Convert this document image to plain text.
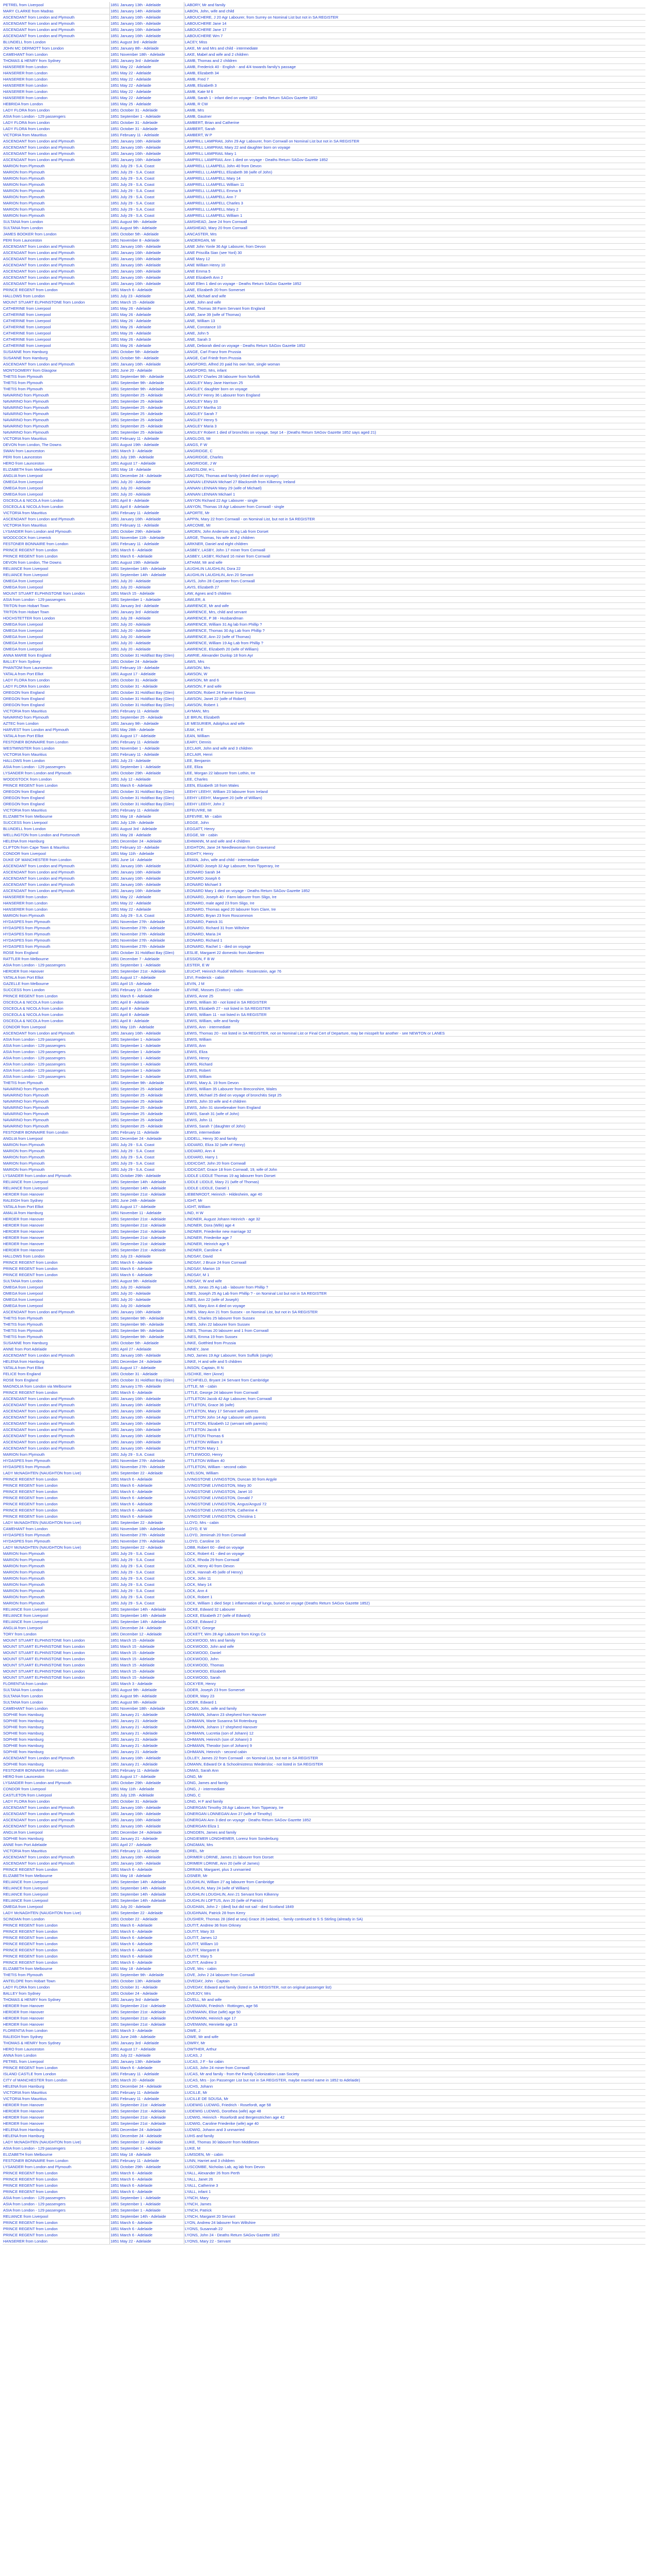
PETREL from Liverpool	1851 January 13th - Adelaide	LABORY, Mr and family
MARY CLARKE from Madras	1851 January 14th - Adelaide	LABON, John, wife and child
ASCENDANT from London and Plymouth	1851 January 16th - Adelaide	LABOUCHERE, J 20 Agr Labourer, from Surrey on Nominal List but not in SA REGISTER
ASCENDANT from London and Plymouth	1851 January 16th - Adelaide	LABOUCHERE Jane 14
ASCENDANT from London and Plymouth	1851 January 16th - Adelaide	LABOUCHERE Jane 17
ASCENDANT from London and Plymouth	1851 January 16th - Adelaide	LABOUCHERE Wm 7
BLUNDELL from London	1851 August 3rd - Adelaide	LACEY, Miss
JOHN MC DERMOTT from London	1851 January 8th - Adelaide	LAKE, Mr and Mrs and child - intermediate
CAMEHANT from London	1851 November 18th - Adelaide	LAKE, Mabel and wife and 2 children
THOMAS & HENRY from Sydney	1851 January 3rd - Adelaide	LAMB, Thomas and 2 children
HANSERER from London	1851 May 22 - Adelaide	LAMB, Frederick 40 - English - and 4/4 towards family's passage
HANSERER from London	1851 May 22 - Adelaide	LAMB, Elizabeth 34
HANSERER from London	1851 May 22 - Adelaide	LAMB, Fred 7
HANSERER from London	1851 May 22 - Adelaide	LAMB, Elizabeth 3
HANSERER from London	1851 May 22 - Adelaide	LAMB, Kate M 6
HANSERER from London	1851 May 22 - Adelaide	LAMB, Sarah 1 - infant died on voyage - Deaths Return SAGov Gazette 1852
HEBRIDA from London	1851 May 25 - Adelaide	LAMB, R CW
LADY FLORA from London	1851 October 31 - Adelaide	LAMB, Mrs
ASIA from London - 129 passengers	1851 September 1 - Adelaide	LAMB, Gautner
LADY FLORA from London	1851 October 31 - Adelaide	LAMBERT, Brian and Catherine
LADY FLORA from London	1851 October 31 - Adelaide	LAMBERT, Sarah
VICTORIA from Mauritius	1851 February 11 - Adelaide	LAMBERT, W P
ASCENDANT from London and Plymouth	1851 January 16th - Adelaide	LAMPRILL LAMPRAIL John 29 Agr Labourer, from Cornwall on Nominal List but not in SA REGISTER
ASCENDANT from London and Plymouth	1851 January 16th - Adelaide	LAMPRILL LAMPRAIL Mary 22 and daughter born on voyage
ASCENDANT from London and Plymouth	1851 January 16th - Adelaide	LAMPRILL LAMPRAIL Mary 1
ASCENDANT from London and Plymouth	1851 January 16th - Adelaide	LAMPRILL LAMPRAIL Ann 1 died on voyage - Deaths Return SAGov Gazette 1852
MARION from Plymouth	1851 July 29 - S.A. Coast	LAMPRELL LLAMPELL John 40 from Devon
MARION from Plymouth	1851 July 29 - S.A. Coast	LAMPRELL LLAMPELL Elizabeth 38 (wife of John)
MARION from Plymouth	1851 July 29 - S.A. Coast	LAMPRELL LLAMPELL Mary 14
MARION from Plymouth	1851 July 29 - S.A. Coast	LAMPRELL LLAMPELL William 11
MARION from Plymouth	1851 July 29 - S.A. Coast	LAMPRELL LLAMPELL Emma 9
MARION from Plymouth	1851 July 29 - S.A. Coast	LAMPRELL LLAMPELL Ann 7
MARION from Plymouth	1851 July 29 - S.A. Coast	LAMPRELL LLAMPELL Charles 3
MARION from Plymouth	1851 July 29 - S.A. Coast	LAMPRELL LLAMPELL Mary 2
MARION from Plymouth	1851 July 29 - S.A. Coast	LAMPRELL LLAMPELL William 1
SULTANA from London	1851 August 9th - Adelaide	LAMSHEAD, Jane 24 from Cornwall
SULTANA from London	1851 August 9th - Adelaide	LAMSHEAD, Mary 20 from Cornwall
JAMES BOOKER from London	1851 October 5th - Adelaide	LANCASTER, Mrs
PERI from Launceston	1851 November 8 - Adelaide	LANDERGAN, Mr
ASCENDANT from London and Plymouth	1851 January 16th - Adelaide	LANE John Yonle 36 Agr Labourer, from Devon
ASCENDANT from London and Plymouth	1851 January 16th - Adelaide	LANE Priscilla Sian (see Yonl) 30
ASCENDANT from London and Plymouth	1851 January 16th - Adelaide	LANE Mary 12
ASCENDANT from London and Plymouth	1851 January 16th - Adelaide	LANE William Henry 10
ASCENDANT from London and Plymouth	1851 January 16th - Adelaide	LANE Emma 5
ASCENDANT from London and Plymouth	1851 January 16th - Adelaide	LANE Elizabeth Ann 2
ASCENDANT from London and Plymouth	1851 January 16th - Adelaide	LANE Ellen 1 died on voyage - Deaths Return SAGov Gazette 1852
PRINCE REGENT from London	1851 March 6 - Adelaide	LANE, Elizabeth 20 from Somerset
HALLOWS from London	1851 July 23 - Adelaide	LANE, Michael and wife
MOUNT STUART ELPHINSTONE from London	1851 March 15 - Adelaide	LANE, John and wife
CATHERINE from Liverpool	1851 May 26 - Adelaide	LANE, Thomas 38 Farm Servant from England
CATHERINE from Liverpool	1851 May 26 - Adelaide	LANE, Jane 39 (wife of Thomas)
CATHERINE from Liverpool	1851 May 26 - Adelaide	LANE, William 13
CATHERINE from Liverpool	1851 May 26 - Adelaide	LANE, Constance 10
CATHERINE from Liverpool	1851 May 26 - Adelaide	LANE, John 5
CATHERINE from Liverpool	1851 May 26 - Adelaide	LANE, Sarah 3
CATHERINE from Liverpool	1851 May 26 - Adelaide	LANE, Deborah died on voyage - Deaths Return SAGov Gazette 1852
SUSANNE from Hamburg	1851 October 5th - Adelaide	LANGE, Carl Franz from Prussia
SUSANNE from Hamburg	1851 October 5th - Adelaide	LANGE, Carl Friedr from Prussia
ASCENDANT from London and Plymouth	1851 January 16th - Adelaide	LANGFORD, Alfred 20 paid his own fare, single woman
MONTGOMERY from Glasgow	1851 June 20 - Adelaide	LANGFORD, Mrs, infant
THETIS from Plymouth	1851 September 9th - Adelaide	LANGLEY Charles 28 labourer from Norfolk
THETIS from Plymouth	1851 September 9th - Adelaide	LANGLEY Mary Jane Harrison 25
THETIS from Plymouth	1851 September 9th - Adelaide	LANGLEY, daughter born on voyage
NAVARINO from Plymouth	1851 September 25 - Adelaide	LANGLEY Henry 36 Labourer from England
NAVARINO from Plymouth	1851 September 25 - Adelaide	LANGLEY Mary 33
NAVARINO from Plymouth	1851 September 25 - Adelaide	LANGLEY Martha 10
NAVARINO from Plymouth	1851 September 25 - Adelaide	LANGLEY Sarah 7
NAVARINO from Plymouth	1851 September 25 - Adelaide	LANGLEY Henry 5
NAVARINO from Plymouth	1851 September 25 - Adelaide	LANGLEY Maria 3
NAVARINO from Plymouth	1851 September 25 - Adelaide	LANGLEY Robert 1 died of bronchitis on voyage, Sept 14 - (Deaths Return SAGov Gazette 1852 says aged 21)
VICTORIA from Mauritius	1851 February 11 - Adelaide	LANGLOIS, Mr
DEVON from London, The Downs	1851 August 19th - Adelaide	LANGS, F W
SWAN from Launceston	1851 March 3 - Adelaide	LANGRIDGE, C
PERI from Launceston	1851 July 19th - Adelaide	LANGRIDGE, Charles
HERO from Launceston	1851 August 17 - Adelaide	LANGRIDGE, J W
ELIZABETH from Melbourne	1851 May 18 - Adelaide	LANGSLOW, H L
ANGLIA from Liverpool	1851 December 24 - Adelaide	LANGTON, Thomas and family (inked died on voyage)
OMEGA from Liverpool	1851 July 20 - Adelaide	LANNAN LENNAN Michael 27 Blacksmith from Kilkenny, Ireland
OMEGA from Liverpool	1851 July 20 - Adelaide	LANNAN LENNAN Mary 29 (wife of Michael)
OMEGA from Liverpool	1851 July 20 - Adelaide	LANNAN LENNAN Michael 1
OSCEOLA & NICOLA from London	1851 April 8 - Adelaide	LANYON Richard 22 Agr Labourer - single
OSCEOLA & NICOLA from London	1851 April 8 - Adelaide	LANYON, Thomas 19 Agr Labourer from Cornwall - single
VICTORIA from Mauritius	1851 February 11 - Adelaide	LAPORTE, Mr
ASCENDANT from London and Plymouth	1851 January 16th - Adelaide	LAPPIN, Mary 22 from Cornwall - on Nominal List, but not in SA REGISTER
VICTORIA from Mauritius	1851 February 11 - Adelaide	LARCOME, Mr
LYSANDER from London and Plymouth	1851 October 29th - Adelaide	LARDEN, John Anderson 30 Ag Lab from Dorset
WOODCOCK from Limerick	1851 November 11th - Adelaide	LARGE, Thomas, his wife and 2 children
FESTONER BONNAIRE from London	1851 February 11 - Adelaide	LARKNER, Daniel and eight children
PRINCE REGENT from London	1851 March 6 - Adelaide	LASBEY, LASBY, John 17 miner from Cornwall
PRINCE REGENT from London	1851 March 6 - Adelaide	LASBEY, LASBY, Richard 16 miner from Cornwall
DEVON from London, The Downs	1851 August 19th - Adelaide	LATHAM, Mr and wife
RELIANCE from Liverpool	1851 September 14th - Adelaide	LAUGHLIN LAUGHLIN, Dora 22
RELIANCE from Liverpool	1851 September 14th - Adelaide	LAUGHLIN LAUGHLIN, Ann 20 Servant
OMEGA from Liverpool	1851 July 20 - Adelaide	LAVIS, John 28 Carpenter from Cornwall
OMEGA from Liverpool	1851 July 20 - Adelaide	LAVIS, Elizabeth 27
MOUNT STUART ELPHINSTONE from London	1851 March 15 - Adelaide	LAW, Agnes and 5 children
ASIA from London - 129 passengers	1851 September 1 - Adelaide	LAWLER, A
TRITON from Hobart Town	1851 January 3rd - Adelaide	LAWRENCE, Mr and wife
TRITON from Hobart Town	1851 January 3rd - Adelaide	LAWRENCE, Mrs, child and servant
HOCHSTETTER from London	1851 July 28 - Adelaide	LAWRENCE, P 38 - Husbandman
OMEGA from Liverpool	1851 July 20 - Adelaide	LAWRENCE, William 31 Ag lab from Phillip ?
OMEGA from Liverpool	1851 July 20 - Adelaide	LAWRENCE, Thomas 30 Ag Lab from Phillip ?
OMEGA from Liverpool	1851 July 20 - Adelaide	LAWRENCE, Ann 22 (wife of Thomas)
OMEGA from Liverpool	1851 July 20 - Adelaide	LAWRENCE, William 19 Ag Lab from Phillip ?
OMEGA from Liverpool	1851 July 20 - Adelaide	LAWRENCE, Elizabeth 20 (wife of William)
ANNA MARIE from England	1851 October 31 Holdfast Bay (Glen)	LAWRIE, Alexander Dunlop 18 from Ayr
BALLEY from Sydney	1851 October 24 - Adelaide	LAWS, Mrs
PHANTOM from Launceston	1851 February 19 - Adelaide	LAWSON, Mrs
YATALA from Port Elliot	1851 August 17 - Adelaide	LAWSON, W
LADY FLORA from London	1851 October 31 - Adelaide	LAWSON, Mr and 6
LADY FLORA from London	1851 October 31 - Adelaide	LAWSON, F and wife
OREGON from England	1851 October 31 Holdfast Bay (Glen)	LAWSON, Robert 24 Farmer from Devon
OREGON from England	1851 October 31 Holdfast Bay (Glen)	LAWSON, Janet 22 (wife of Robert)
OREGON from England	1851 October 31 Holdfast Bay (Glen)	LAWSON, Robert 1
VICTORIA from Mauritius	1851 February 11 - Adelaide	LAYMAN, Mrs
NAVARINO from Plymouth	1851 September 25 - Adelaide	LE BRUN, Elizabeth
AZTEC from London	1851 January 9th - Adelaide	LE MESURIER, Adolphus and wife
HARVEST from London and Plymouth	1851 May 28th - Adelaide	LEAK, H E
YATALA from Port Elliot	1851 August 17 - Adelaide	LEAN, William
FESTONER BONNAIRE from London	1851 February 11 - Adelaide	LEARY, Dennis
WESTMINSTER from London	1851 November 1 - Adelaide	LECLAIR, John and wife and 3 children
VICTORIA from Mauritius	1851 February 11 - Adelaide	LECLAIR, Henri
HALLOWS from London	1851 July 23 - Adelaide	LEE, Benjamin
ASIA from London - 129 passengers	1851 September 1 - Adelaide	LEE, Eliza
LYSANDER from London and Plymouth	1851 October 29th - Adelaide	LEE, Morgan 22 labourer from Lothin, Ire
WOODSTOCK from London	1851 July 12 - Adelaide	LEE, Charles
PRINCE REGENT from London	1851 March 6 - Adelaide	LEEN, Elizabeth 18 from Wales
OREGON from England	1851 October 31 Holdfast Bay (Glen)	LEEHY LEEHY, William 23 labourer from Ireland
OREGON from England	1851 October 31 Holdfast Bay (Glen)	LEEHY LEEHY, Margaret 20 (wife of William)
OREGON from England	1851 October 31 Holdfast Bay (Glen)	LEEHY LEEHY, John 2
VICTORIA from Mauritius	1851 February 11 - Adelaide	LEFEUVRE, Mr
ELIZABETH from Melbourne	1851 May 18 - Adelaide	LEFEVRE, Mr - cabin
SUCCESS from Liverpool	1851 July 12th - Adelaide	LEGGE, John
BLUNDELL from London	1851 August 3rd - Adelaide	LEGGATT, Henry
WELLINGTON from London and Portsmouth	1851 May 28 - Adelaide	LEGGE, Mr - cabin
HELENA from Hamburg	1851 December 24 - Adelaide	LEHMANN, M and wife and 4 children
CLIFTON from Cape Town & Mauritius	1851 February 10 - Adelaide	LEIGHTON, Jane 24 Needlewoman from Gravesend
CONDOR from Liverpool	1851 May 11th - Adelaide	LEIGHTY, Henry
DUKE OF MANCHESTER from London	1851 June 14 - Adelaide	LEMAN, John, wife and child - intermediate
ASCENDANT from London and Plymouth	1851 January 16th - Adelaide	LEONARD Joseph 32 Agr Labourer, from Tipperary, Ire
ASCENDANT from London and Plymouth	1851 January 16th - Adelaide	LEONARD Sarah 34
ASCENDANT from London and Plymouth	1851 January 16th - Adelaide	LEONARD Joseph 6
ASCENDANT from London and Plymouth	1851 January 16th - Adelaide	LEONARD Michael 3
ASCENDANT from London and Plymouth	1851 January 16th - Adelaide	LEONARD Mary 1 died on voyage - Deaths Return SAGov Gazette 1852
HANSERER from London	1851 May 22 - Adelaide	LEONARD, Joseph 40 - Farm labourer from Sligo, Ire
HANSERER from London	1851 May 22 - Adelaide	LEONARD, male aged 23 from Sligo, Ire
HANSERER from London	1851 May 22 - Adelaide	LEONARD, Thomas aged 20 labourer from Clare, Ire
MARION from Plymouth	1851 July 29 - S.A. Coast	LEONARD, Bryan 23 from Roscommon
HYDASPES from Plymouth	1851 November 27th - Adelaide	LEONARD, Patrick 31
HYDASPES from Plymouth	1851 November 27th - Adelaide	LEONARD, Richard 31 from Wiltshire
HYDASPES from Plymouth	1851 November 27th - Adelaide	LEONARD, Maria 24
HYDASPES from Plymouth	1851 November 27th - Adelaide	LEONARD, Richard 1
HYDASPES from Plymouth	1851 November 27th - Adelaide	LEONARD, Rachel 1 - died on voyage
ROSE from England	1851 October 31 Holdfast Bay (Glen)	LESLIE, Margaret 22 domestic from Aberdeen
RATTLER from Melbourne	1851 December 7 - Adelaide	LESSION, F B W
ASIA from London - 129 passengers	1851 September 1 - Adelaide	LESTER, E W
HERDER from Hanover	1851 September 21st - Adelaide	LEUCHT, Heinrich Rudolf Wilhelm - Rostenstein, age 76
YATALA from Port Elliot	1851 August 17 - Adelaide	LEVI, Frederick - cabin
GAZELLE from Melbourne	1851 April 15 - Adelaide	LEVIN, J M
SUCCESS from London	1851 February 15 - Adelaide	LEVINE, Mosses (Cratton) - cabin
PRINCE REGENT from London	1851 March 6 - Adelaide	LEWIS, Anne 25
OSCEOLA & NICOLA from London	1851 April 8 - Adelaide	LEWIS, William 30 - not listed in SA REGISTER
OSCEOLA & NICOLA from London	1851 April 8 - Adelaide	LEWIS, Elizabeth 27 - not listed in SA REGISTER
OSCEOLA & NICOLA from London	1851 April 8 - Adelaide	LEWIS, William 11 - not listed in SA REGISTER
OSCEOLA & NICOLA from London	1851 April 8 - Adelaide	LEWIS, William, wife and family
CONDOR from Liverpool	1851 May 11th - Adelaide	LEWIS, Ann - intermediate
ASCENDANT from London and Plymouth	1851 January 16th - Adelaide	LEWIS, Thomas 20 - not listed in SA REGISTER, not on Nominal List or Final Cert of Departure, may be misspelt for another - see NEWTON or LANES
ASIA from London - 129 passengers	1851 September 1 - Adelaide	LEWIS, William
ASIA from London - 129 passengers	1851 September 1 - Adelaide	LEWIS, Ann
ASIA from London - 129 passengers	1851 September 1 - Adelaide	LEWIS, Eliza
ASIA from London - 129 passengers	1851 September 1 - Adelaide	LEWIS, Henry
ASIA from London - 129 passengers	1851 September 1 - Adelaide	LEWIS, Richard
ASIA from London - 129 passengers	1851 September 1 - Adelaide	LEWIS, Robert
ASIA from London - 129 passengers	1851 September 1 - Adelaide	LEWIS, William
THETIS from Plymouth	1851 September 9th - Adelaide	LEWIS, Mary A. 19 from Devon
NAVARINO from Plymouth	1851 September 25 - Adelaide	LEWIS, William 35 Labourer from Breconshire, Wales
NAVARINO from Plymouth	1851 September 25 - Adelaide	LEWIS, Michael 25 died on voyage of bronchitis Sept 25
NAVARINO from Plymouth	1851 September 25 - Adelaide	LEWIS, John 33 wife and 4 children
NAVARINO from Plymouth	1851 September 25 - Adelaide	LEWIS, John 31 stonebreaker from England
NAVARINO from Plymouth	1851 September 25 - Adelaide	LEWIS, Sarah 31 (wife of John)
NAVARINO from Plymouth	1851 September 25 - Adelaide	LEWIS, John 11
NAVARINO from Plymouth	1851 September 25 - Adelaide	LEWIS, Sarah 7 (daughter of John)
FESTONER BONNAIRE from London	1851 February 11 - Adelaide	LEWIS, intermediate
ANGLIA from Liverpool	1851 December 24 - Adelaide	LIDDELL, Henry 30 and family
MARION from Plymouth	1851 July 29 - S.A. Coast	LIDDIARD, Eliza 32 (wife of Henry)
MARION from Plymouth	1851 July 29 - S.A. Coast	LIDDIARD, Ann 4
MARION from Plymouth	1851 July 29 - S.A. Coast	LIDDIARD, Harry 1
MARION from Plymouth	1851 July 29 - S.A. Coast	LIDDICOAT, John 20 from Cornwall
MARION from Plymouth	1851 July 29 - S.A. Coast	LIDDICOAT, Grace 18 from Cornwall, 19, wife of John
LYSANDER from London and Plymouth	1851 October 29th - Adelaide	LIDDLE LIDDLE Thomas 19 ag labourer from Dorset
RELIANCE from Liverpool	1851 September 14th - Adelaide	LIDDLE LIDDLE, Mary 21 (wife of Thomas)
RELIANCE from Liverpool	1851 September 14th - Adelaide	LIDDLE LIDDLE, Daniel 1
HERDER from Hanover	1851 September 21st - Adelaide	LIEBENRODT, Heinrich - Hildesheim, age 40
RALEIGH from Sydney	1851 June 24th - Adelaide	LIGHT, Mr
YATALA from Port Elliot	1851 August 17 - Adelaide	LIGHT, William
AMALIA from Hamburg	1851 November 11 - Adelaide	LIND, H W
HERDER from Hanover	1851 September 21st - Adelaide	LINDNER, August Johann Heinrich - age 32
HERDER from Hanover	1851 September 21st - Adelaide	LINDNER, Dora (Wife) age 4
HERDER from Hanover	1851 September 21st - Adelaide	LINDNER, Friederike new marriage 32
HERDER from Hanover	1851 September 21st - Adelaide	LINDNER, Friederike age 7
HERDER from Hanover	1851 September 21st - Adelaide	LINDNER, Heinrich age 5
HERDER from Hanover	1851 September 21st - Adelaide	LINDNER, Caroline 4
HALLOWS from London	1851 July 23 - Adelaide	LINDSAY, David
PRINCE REGENT from London	1851 March 6 - Adelaide	LINDSAY, J Bruce 24 from Cornwall
PRINCE REGENT from London	1851 March 6 - Adelaide	LINDSAY, Marion 19
PRINCE REGENT from London	1851 March 6 - Adelaide	LINDSAY, M 1
SULTANA from London	1851 August 9th - Adelaide	LINDSAY, W and wife
OMEGA from Liverpool	1851 July 20 - Adelaide	LINES, Jonas 25 Ag Lab - labourer from Phillip ?
OMEGA from Liverpool	1851 July 20 - Adelaide	LINES, Joseph 25 Ag Lab from Phillip ? - on Nominal List but not in SA REGISTER
OMEGA from Liverpool	1851 July 20 - Adelaide	LINES, Ann 22 (wife of Joseph)
OMEGA from Liverpool	1851 July 20 - Adelaide	LINES, Mary Ann 4 died on voyage
ASCENDANT from London and Plymouth	1851 January 16th - Adelaide	LINES, Mary Ann 21 from Sussex - on Nominal List, but not in SA REGISTER
THETIS from Plymouth	1851 September 9th - Adelaide	LINES, Charles 25 labourer from Sussex
THETIS from Plymouth	1851 September 9th - Adelaide	LINES, John 22 labourer from Sussex
THETIS from Plymouth	1851 September 9th - Adelaide	LINES, Thomas 20 labourer and 1 from Cornwall
THETIS from Plymouth	1851 September 9th - Adelaide	LINES, Emma 19 from Sussex
SUSANNE from Hamburg	1851 October 5th - Adelaide	LINKE, Gottfried from Prussia
ANNE from Port Adelaide	1851 April 27 - Adelaide	LINNEY, Jane
ASCENDANT from London and Plymouth	1851 January 16th - Adelaide	LINO, James 19 Agr Labourer, from Suffolk (single)
HELENA from Hamburg	1851 December 24 - Adelaide	LINKE, H and wife and 5 children
YATALA from Port Elliot	1851 August 17 - Adelaide	LINSON, Captain, R N
FELICE from England	1851 October 31 - Adelaide	LISCHKE, Herr (Anne)
ROSE from England	1851 October 31 Holdfast Bay (Glen)	LITCHFIELD, Bryant 24 Servant from Cambridge
MAGNOLIA from London via Melbourne	1851 January 17th - Adelaide	LITTLE, Mr - cabin
PRINCE REGENT from London	1851 March 6 - Adelaide	LITTLE, George 24 labourer from Cornwall
ASCENDANT from London and Plymouth	1851 January 16th - Adelaide	LITTLETON Jacob 42 Agr Labourer, from Cornwall
ASCENDANT from London and Plymouth	1851 January 16th - Adelaide	LITTLETON, Grace 36 (wife)
ASCENDANT from London and Plymouth	1851 January 16th - Adelaide	LITTLETON, Mary 17 Servant with parents
ASCENDANT from London and Plymouth	1851 January 16th - Adelaide	LITTLETON John 14 Agr Labourer with parents
ASCENDANT from London and Plymouth	1851 January 16th - Adelaide	LITTLETON, Elizabeth 12 (servant with parents)
ASCENDANT from London and Plymouth	1851 January 16th - Adelaide	LITTLETON Jacob 8
ASCENDANT from London and Plymouth	1851 January 16th - Adelaide	LITTLETON Thomas 6
ASCENDANT from London and Plymouth	1851 January 16th - Adelaide	LITTLETON William 3
ASCENDANT from London and Plymouth	1851 January 16th - Adelaide	LITTLETON Mary 1
MARION from Plymouth	1851 July 29 - S.A. Coast	LITTLEWOOD, Henry
HYDASPES from Plymouth	1851 November 27th - Adelaide	LITTLETON William 40
HYDASPES from Plymouth	1851 November 27th - Adelaide	LITTLETON, William - second cabin
LADY McNAGHTEN (NAUGHTON from Live)	1851 September 22 - Adelaide	LIVELSON, William
PRINCE REGENT from London	1851 March 6 - Adelaide	LIVINGSTONE LIVINGSTON, Duncan 30 from Argyle
PRINCE REGENT from London	1851 March 6 - Adelaide	LIVINGSTONE LIVINGSTON, Mary 30
PRINCE REGENT from London	1851 March 6 - Adelaide	LIVINGSTONE LIVINGSTON, Janet 10
PRINCE REGENT from London	1851 March 6 - Adelaide	LIVINGSTONE LIVINGSTON, Donald 7
PRINCE REGENT from London	1851 March 6 - Adelaide	LIVINGSTONE LIVINGSTON, Angus/Angusl 72
PRINCE REGENT from London	1851 March 6 - Adelaide	LIVINGSTONE LIVINGSTON, Catherine 4
PRINCE REGENT from London	1851 March 6 - Adelaide	LIVINGSTONE LIVINGSTON, Christina 1
LADY McNAGHTEN (NAUGHTON from Live)	1851 September 22 - Adelaide	LLOYD, Mrs - cabin
CAMEHANT from London	1851 November 18th - Adelaide	LLOYD, E W
HYDASPES from Plymouth	1851 November 27th - Adelaide	LLOYD, Jemimah 20 from Cornwall
HYDASPES from Plymouth	1851 November 27th - Adelaide	LLOYD, Caroline 16
LADY McNAGHTEN (NAUGHTON from Live)	1851 September 22 - Adelaide	LOBB, Robert 60 - died on voyage
MARION from Plymouth	1851 July 29 - S.A. Coast	LOCK, Robert 41 - died on voyage
MARION from Plymouth	1851 July 29 - S.A. Coast	LOCK, Rhoda 29 from Cornwall
MARION from Plymouth	1851 July 29 - S.A. Coast	LOCK, Henry 40 from Devon
MARION from Plymouth	1851 July 29 - S.A. Coast	LOCK, Hannah 45 (wife of Henry)
MARION from Plymouth	1851 July 29 - S.A. Coast	LOCK, John 11
MARION from Plymouth	1851 July 29 - S.A. Coast	LOCK, Mary 14
MARION from Plymouth	1851 July 29 - S.A. Coast	LOCK, Ann 4
MARION from Plymouth	1851 July 29 - S.A. Coast	LOCK, Robert 1
MARION from Plymouth	1851 July 29 - S.A. Coast	LOCK, William 1 died Sept 1 inflammation of lungs, buried on voyage (Deaths Return SAGov Gazette 1852)
RELIANCE from Liverpool	1851 September 14th - Adelaide	LOCKE, Edward 32 Labourer
RELIANCE from Liverpool	1851 September 14th - Adelaide	LOCKE, Elizabeth 27 (wife of Edward)
RELIANCE from Liverpool	1851 September 14th - Adelaide	LOCKE, Edward 2
ANGLIA from Liverpool	1851 December 24 - Adelaide	LOCKEY, George
TORY from London	1851 December 12 - Adelaide	LOCKETT, Wm 28 Agr Labourer from Kings Co
MOUNT STUART ELPHINSTONE from London	1851 March 15 - Adelaide	LOCKWOOD, Mrs and family
MOUNT STUART ELPHINSTONE from London	1851 March 15 - Adelaide	LOCKWOOD, John and wife
MOUNT STUART ELPHINSTONE from London	1851 March 15 - Adelaide	LOCKWOOD, Daniel
MOUNT STUART ELPHINSTONE from London	1851 March 15 - Adelaide	LOCKWOOD, John
MOUNT STUART ELPHINSTONE from London	1851 March 15 - Adelaide	LOCKWOOD, Thomas
MOUNT STUART ELPHINSTONE from London	1851 March 15 - Adelaide	LOCKWOOD, Elizabeth
MOUNT STUART ELPHINSTONE from London	1851 March 15 - Adelaide	LOCKWOOD, Sarah
FLORENTIA from London	1851 March 3 - Adelaide	LOCKYER, Henry
SULTANA from London	1851 August 9th - Adelaide	LODER, Joseph 23 from Somerset
SULTANA from London	1851 August 9th - Adelaide	LODER, Mary 23
SULTANA from London	1851 August 9th - Adelaide	LODER, Edward 1
CAMEHANT from London	1851 November 18th - Adelaide	LOGAN, John, wife and family
SOPHIE from Hamburg	1851 January 21 - Adelaide	LOHMANN, Johann 23 shepherd from Hanover
SOPHIE from Hamburg	1851 January 21 - Adelaide	LOHMANN, Marie Susanna 54 Rotenburg
SOPHIE from Hamburg	1851 January 21 - Adelaide	LOHMANN, Johann 17 shepherd Hanover
SOPHIE from Hamburg	1851 January 21 - Adelaide	LOHMANN, Lucretia (son of Johann) 12
SOPHIE from Hamburg	1851 January 21 - Adelaide	LOHMANN, Heinrich (son of Johann) 3
SOPHIE from Hamburg	1851 January 21 - Adelaide	LOHMANN, Theodor (son of Johann) 9
SOPHIE from Hamburg	1851 January 21 - Adelaide	LOHMANN, Heinrich - second cabin
ASCENDANT from London and Plymouth	1851 January 16th - Adelaide	LOLLEY, James 22 from Cornwall - on Nominal List, but not in SA REGISTER
SOPHIE from Hamburg	1851 January 21 - Adelaide	LOMANN, Edward Dr & Schoolmistress Wiedersloc - not listed in SA REGISTER
FESTONER BONNAIRE from London	1851 February 11 - Adelaide	LOMAS, Sarah Ann
HERO from Launceston	1851 August 17 - Adelaide	LONG, Mr
LYSANDER from London and Plymouth	1851 October 29th - Adelaide	LONG, James and family
CONDOR from Liverpool	1851 May 11th - Adelaide	LONG, J - intermediate
CASTLETON from Liverpool	1851 July 12th - Adelaide	LONG, C
LADY FLORA from London	1851 October 31 - Adelaide	LONG, H F and family
ASCENDANT from London and Plymouth	1851 January 16th - Adelaide	LONERGAN Timothy 28 Agr Labourer, from Tipperary, Ire
ASCENDANT from London and Plymouth	1851 January 16th - Adelaide	LONERGAN LONNEGAN Ann 27 (wife of Timothy)
ASCENDANT from London and Plymouth	1851 January 16th - Adelaide	LONERGAN Ann 3 died on voyage - Deaths Return SAGov Gazette 1852
ASCENDANT from London and Plymouth	1851 January 16th - Adelaide	LONERGAN Eliza 1
ANGLIA from Liverpool	1851 December 24 - Adelaide	LONGDEN, James and family
SOPHIE from Hamburg	1851 January 21 - Adelaide	LONGIEMER LONGHEMER, Lorenz from Sonderburg
ANNE from Port Adelaide	1851 April 27 - Adelaide	LONGMAN, Mrs
VICTORIA from Mauritius	1851 February 11 - Adelaide	LOREL, Mr
ASCENDANT from London and Plymouth	1851 January 16th - Adelaide	LORIMER LORINE, James 21 labourer from Dorset
ASCENDANT from London and Plymouth	1851 January 16th - Adelaide	LORIMER LORINE, Ann 20 (wife of James)
PRINCE REGENT from London	1851 March 6 - Adelaide	LORRAIN, Margaret, plus 3 unmarried
ELIZABETH from Melbourne	1851 May 18 - Adelaide	LOSNER, Mr
RELIANCE from Liverpool	1851 September 14th - Adelaide	LOUGHLIN, William 27 ag labourer from Cambridge
RELIANCE from Liverpool	1851 September 14th - Adelaide	LOUGHLIN, Mary 24 (wife of William)
RELIANCE from Liverpool	1851 September 14th - Adelaide	LOUGHLIN LOUGHLIN, Ann 21 Servant from Kilkenny
RELIANCE from Liverpool	1851 September 14th - Adelaide	LOUGHLIN LOFTUS, Ann 20 (wife of Patrick)
OMEGA from Liverpool	1851 July 20 - Adelaide	LOUGHAN, John 2 - (died) but did not sail - died Scotland 1849
LADY McNAGHTEN (NAUGHTON from Live)	1851 September 22 - Adelaide	LOUGHNAN, Patrick 28 from Kerry
SCINDIAN from London	1851 October 22 - Adelaide	LOUSHER, Thomas 28 (died at sea) Grace 26 (widow), - family continued to S S Stirling (already in SA)
PRINCE REGENT from London	1851 March 6 - Adelaide	LOUTIT, Andrew 36 from Orkney
PRINCE REGENT from London	1851 March 6 - Adelaide	LOUTIT, Mary 33
PRINCE REGENT from London	1851 March 6 - Adelaide	LOUTIT, James 12
PRINCE REGENT from London	1851 March 6 - Adelaide	LOUTIT, William 10
PRINCE REGENT from London	1851 March 6 - Adelaide	LOUTIT, Margaret 8
PRINCE REGENT from London	1851 March 6 - Adelaide	LOUTIT, Mary 5
PRINCE REGENT from London	1851 March 6 - Adelaide	LOUTIT, Andrew 3
ELIZABETH from Melbourne	1851 May 18 - Adelaide	LOVE, Mrs - cabin
THETIS from Plymouth	1851 September 9th - Adelaide	LOVE, John 2 24 labourer from Cornwall
ANTELOPE from Hobart Town	1851 October 13th - Adelaide	LOVEDAY, John - Captain
LADY FLORA from London	1851 October 31 - Adelaide	LOVEDAY, Edward and family (listed in SA REGISTER, not on original passenger list)
BALLEY from Sydney	1851 October 24 - Adelaide	LOVEJOY, Mrs
THOMAS & HENRY from Sydney	1851 January 3rd - Adelaide	LOVELL, Mr and wife
HERDER from Hanover	1851 September 21st - Adelaide	LOVEMANN, Friedrich - Rottingen, age 56
HERDER from Hanover	1851 September 21st - Adelaide	LOVEMANN, Elise (wife) age 50
HERDER from Hanover	1851 September 21st - Adelaide	LOVEMANN, Heinrich age 17
HERDER from Hanover	1851 September 21st - Adelaide	LOVEMANN, Henriette age 13
FLORENTIA from London	1851 March 3 - Adelaide	LOWE, J
RALEIGH from Sydney	1851 June 24th - Adelaide	LOWE, Mr and wife
THOMAS & HENRY from Sydney	1851 January 3rd - Adelaide	LOWRY, Mr
HERO from Launceston	1851 August 17 - Adelaide	LOWTHER, Arthur
ANNA from London	1851 July 22 - Adelaide	LUCAS, J
PETREL from Liverpool	1851 January 13th - Adelaide	LUCAS, J F - for cabin
PRINCE REGENT from London	1851 March 6 - Adelaide	LUCAS, John 24 miner from Cornwall
ISLAND CASTLE from London	1851 February 11 - Adelaide	LUCAS, Mr and family - from the Family Colonization Loan Society
CITY of MANCHESTER from London	1851 March 20 - Adelaide	LUCAS, Mrs - (on Passenger List but not in SA REGISTER, maybe married name in 1852 to Adelaide)
HELENA from Hamburg	1851 December 24 - Adelaide	LUCHS, Johann
VICTORIA from Mauritius	1851 February 11 - Adelaide	LUCILLE, Mr
VICTORIA from Mauritius	1851 February 11 - Adelaide	LUCILLE DE SOUSA, Mr
HERDER from Hanover	1851 September 21st - Adelaide	LUDEWIG LUDWIG, Friedrich - Rosefordt, age 58
HERDER from Hanover	1851 September 21st - Adelaide	LUDEWIG LUDWIG, Dorothea (wife) age 48
HERDER from Hanover	1851 September 21st - Adelaide	LUDWIG, Heinrich - Rosefordt and Bergenstrichen age 42
HERDER from Hanover	1851 September 21st - Adelaide	LUDWIG, Caroline Friederike (wife) age 40
HELENA from Hamburg	1851 December 24 - Adelaide	LUDWIG, Johann and 3 unmarried
HELENA from Hamburg	1851 December 24 - Adelaide	LUHS and family
LADY McNAGHTEN (NAUGHTON from Live)	1851 September 22 - Adelaide	LUKE, Thomas 30 labourer from Middlesex
ASIA from London - 129 passengers	1851 September 1 - Adelaide	LUKE, M
ELIZABETH from Melbourne	1851 May 18 - Adelaide	LUMSDEN, Mr - cabin
FESTONER BONNAIRE from London	1851 February 11 - Adelaide	LUNN, Harriet and 3 children
LYSANDER from London and Plymouth	1851 October 29th - Adelaide	LUSCOMBE, Nicholas Lab, ag lab from Devon
PRINCE REGENT from London	1851 March 6 - Adelaide	LYALL, Alexander 26 from Perth
PRINCE REGENT from London	1851 March 6 - Adelaide	LYALL, Janet 26
PRINCE REGENT from London	1851 March 6 - Adelaide	LYALL, Catherine 3
PRINCE REGENT from London	1851 March 6 - Adelaide	LYALL, infant 1
ASIA from London - 129 passengers	1851 September 1 - Adelaide	LYNCH, Mary
ASIA from London - 129 passengers	1851 September 1 - Adelaide	LYNCH, James
ASIA from London - 129 passengers	1851 September 1 - Adelaide	LYNCH, Patrick
RELIANCE from Liverpool	1851 September 14th - Adelaide	LYNCH, Margaret 20 Servant
PRINCE REGENT from London	1851 March 6 - Adelaide	LYON, Andrew 24 labourer from Wiltshire
PRINCE REGENT from London	1851 March 6 - Adelaide	LYONS, Susannah 22
PRINCE REGENT from London	1851 March 6 - Adelaide	LYONS, John 24 - Deaths Return SAGov Gazette 1852
HANSERER from London	1851 May 22 - Adelaide	LYONS, Mary 22 - Servant
